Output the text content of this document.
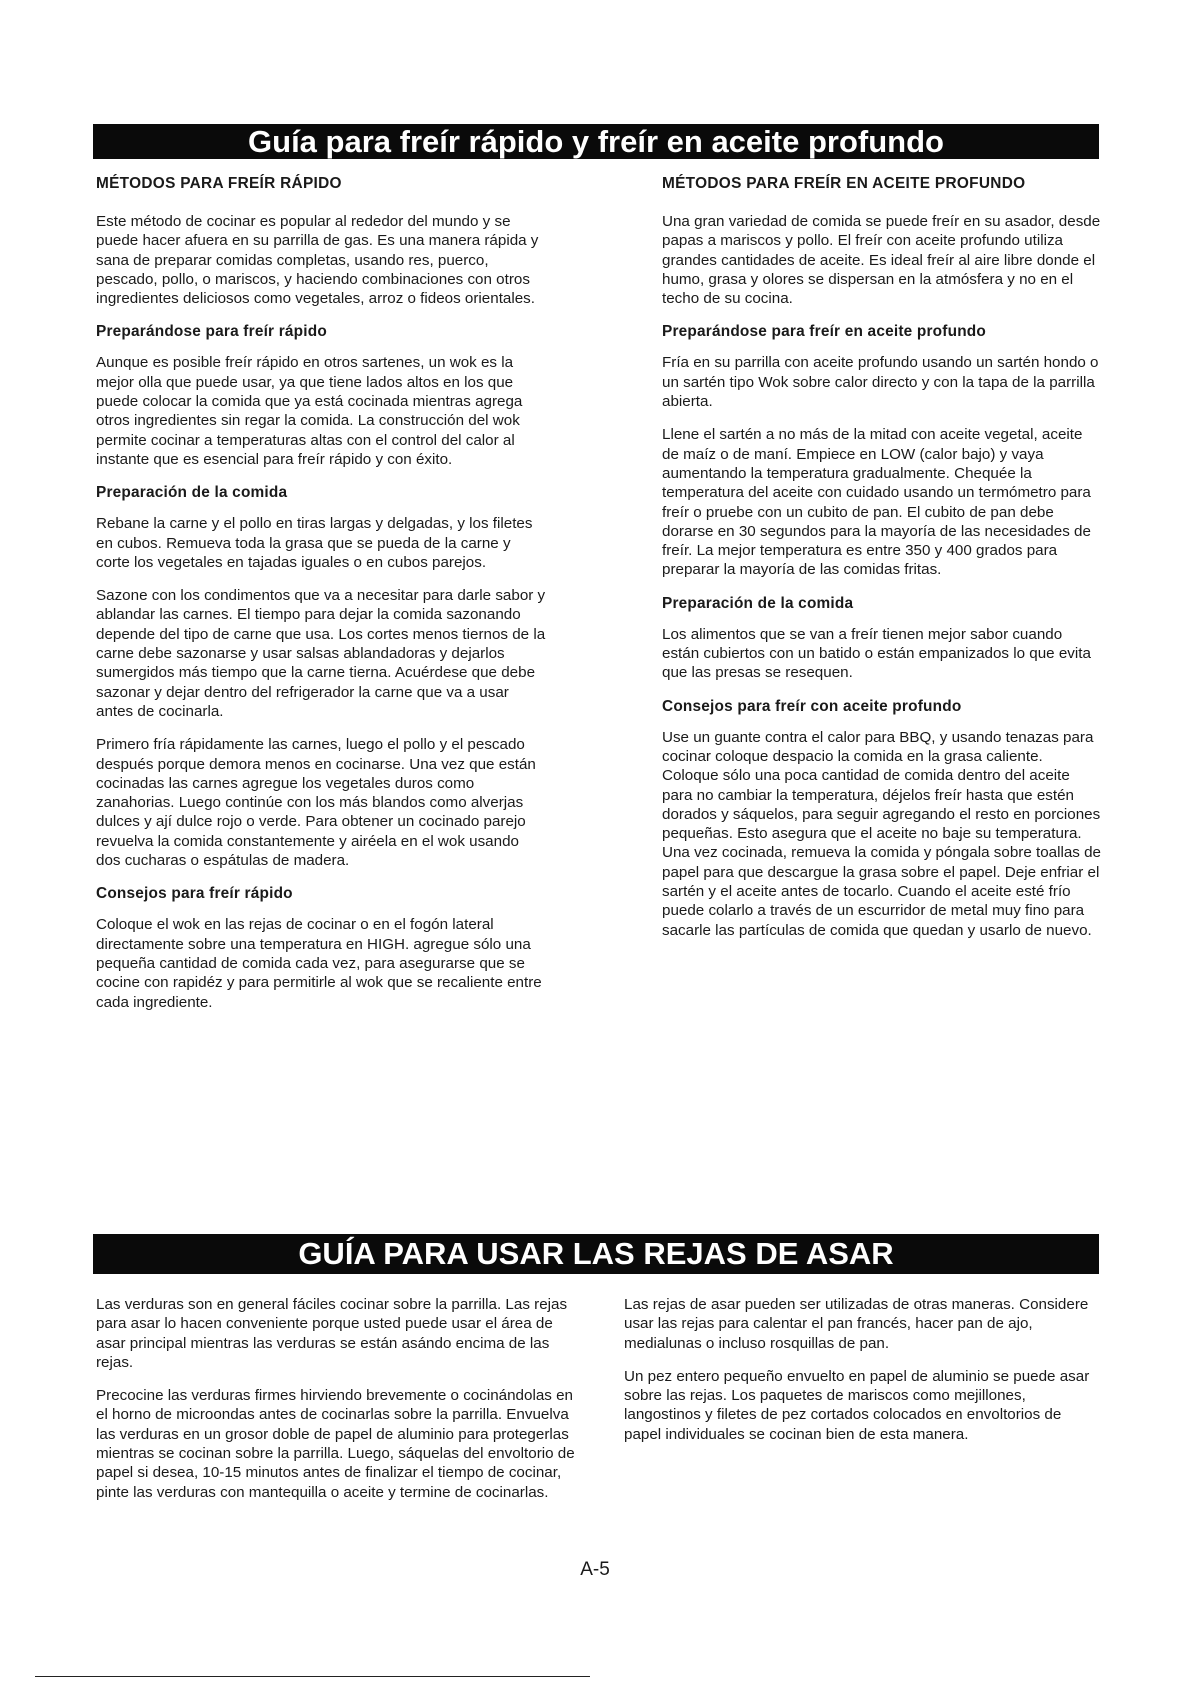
Guía para freír rápido y freír en aceite profundo
MÉTODOS PARA FREÍR RÁPIDO

Este método de cocinar es popular al rededor del mundo y se puede hacer afuera en su parrilla de gas. Es una manera rápida y sana de preparar comidas completas, usando res, puerco, pescado, pollo, o mariscos, y haciendo combinaciones con otros ingredientes deliciosos como vegetales, arroz o fideos orientales.

Preparándose para freír rápido

Aunque es posible freír rápido en otros sartenes, un wok es la mejor olla que puede usar, ya que tiene lados altos en los que puede colocar la comida que ya está cocinada mientras agrega otros ingredientes sin regar la comida. La construcción del wok permite cocinar a temperaturas altas con el control del calor al instante que es esencial para freír rápido y con éxito.

Preparación de la comida

Rebane la carne y el pollo en tiras largas y delgadas, y los filetes en cubos. Remueva toda la grasa que se pueda de la carne y corte los vegetales en tajadas iguales o en cubos parejos.

Sazone con los condimentos que va a necesitar para darle sabor y ablandar las carnes. El tiempo para dejar la comida sazonando depende del tipo de carne que usa. Los cortes menos tiernos de la carne debe sazonarse y usar salsas ablandadoras y dejarlos sumergidos más tiempo que la carne tierna. Acuérdese que debe sazonar y dejar dentro del refrigerador la carne que va a usar antes de cocinarla.

Primero fría rápidamente las carnes, luego el pollo y el pescado después porque demora menos en cocinarse. Una vez que están cocinadas las carnes agregue los vegetales duros como zanahorias. Luego continúe con los más blandos como alverjas dulces y ají dulce rojo o verde. Para obtener un cocinado parejo revuelva la comida constantemente y airéela en el wok usando dos cucharas o espátulas de madera.

Consejos para freír rápido

Coloque el wok en las rejas de cocinar o en el fogón lateral directamente sobre una temperatura en HIGH. agregue sólo una pequeña cantidad de comida cada vez, para asegurarse que se cocine con rapidéz y para permitirle al wok que se recaliente entre cada ingrediente.

MÉTODOS PARA FREÍR EN ACEITE PROFUNDO

Una gran variedad de comida se puede freír en su asador, desde papas a mariscos y pollo. El freír con aceite profundo utiliza grandes cantidades de aceite. Es ideal freír al aire libre donde el humo, grasa y olores se dispersan en la atmósfera y no en el techo de su cocina.

Preparándose para freír en aceite profundo

Fría en su parrilla con aceite profundo usando un sartén hondo o un sartén tipo Wok sobre calor directo y con la tapa de la parrilla abierta.

Llene el sartén a no más de la mitad con aceite vegetal, aceite de maíz o de maní. Empiece en LOW (calor bajo) y vaya aumentando la temperatura gradualmente. Chequée la temperatura del aceite con cuidado usando un termómetro para freír o pruebe con un cubito de pan. El cubito de pan debe dorarse en 30 segundos para la mayoría de las necesidades de freír. La mejor temperatura es entre 350 y 400 grados para preparar la mayoría de las comidas fritas.

Preparación de la comida

Los alimentos que se van a freír tienen mejor sabor cuando están cubiertos con un batido o están empanizados lo que evita que las presas se resequen.

Consejos para freír con aceite profundo

Use un guante contra el calor para BBQ, y usando tenazas para cocinar coloque despacio la comida en la grasa caliente. Coloque sólo una poca cantidad de comida dentro del aceite para no cambiar la temperatura, déjelos freír hasta que estén dorados y sáquelos, para seguir agregando el resto en porciones pequeñas. Esto asegura que el aceite no baje su temperatura. Una vez cocinada, remueva la comida y póngala sobre toallas de papel para que descargue la grasa sobre el papel. Deje enfriar el sartén y el aceite antes de tocarlo. Cuando el aceite esté frío puede colarlo a través de un escurridor de metal muy fino para sacarle las partículas de comida que quedan y usarlo de nuevo.

GUÍA PARA USAR LAS REJAS DE ASAR

Las verduras son en general fáciles cocinar sobre la parrilla. Las rejas para asar lo hacen conveniente porque usted puede usar el área de asar principal mientras las verduras se están asándo encima de las rejas.

Precocine las verduras firmes hirviendo brevemente o cocinándolas en el horno de microondas antes de cocinarlas sobre la parrilla. Envuelva las verduras en un grosor doble de papel de aluminio para protegerlas mientras se cocinan sobre la parrilla. Luego, sáquelas del envoltorio de papel si desea, 10-15 minutos antes de finalizar el tiempo de cocinar, pinte las verduras con mantequilla o aceite y termine de cocinarlas.

Las rejas de asar pueden ser utilizadas de otras maneras. Considere usar las rejas para calentar el pan francés, hacer pan de ajo, medialunas o incluso rosquillas de pan.

Un pez entero pequeño envuelto en papel de aluminio se puede asar sobre las rejas. Los paquetes de mariscos como mejillones, langostinos y filetes de pez cortados colocados en envoltorios de papel individuales se cocinan bien de esta manera.

A-5
